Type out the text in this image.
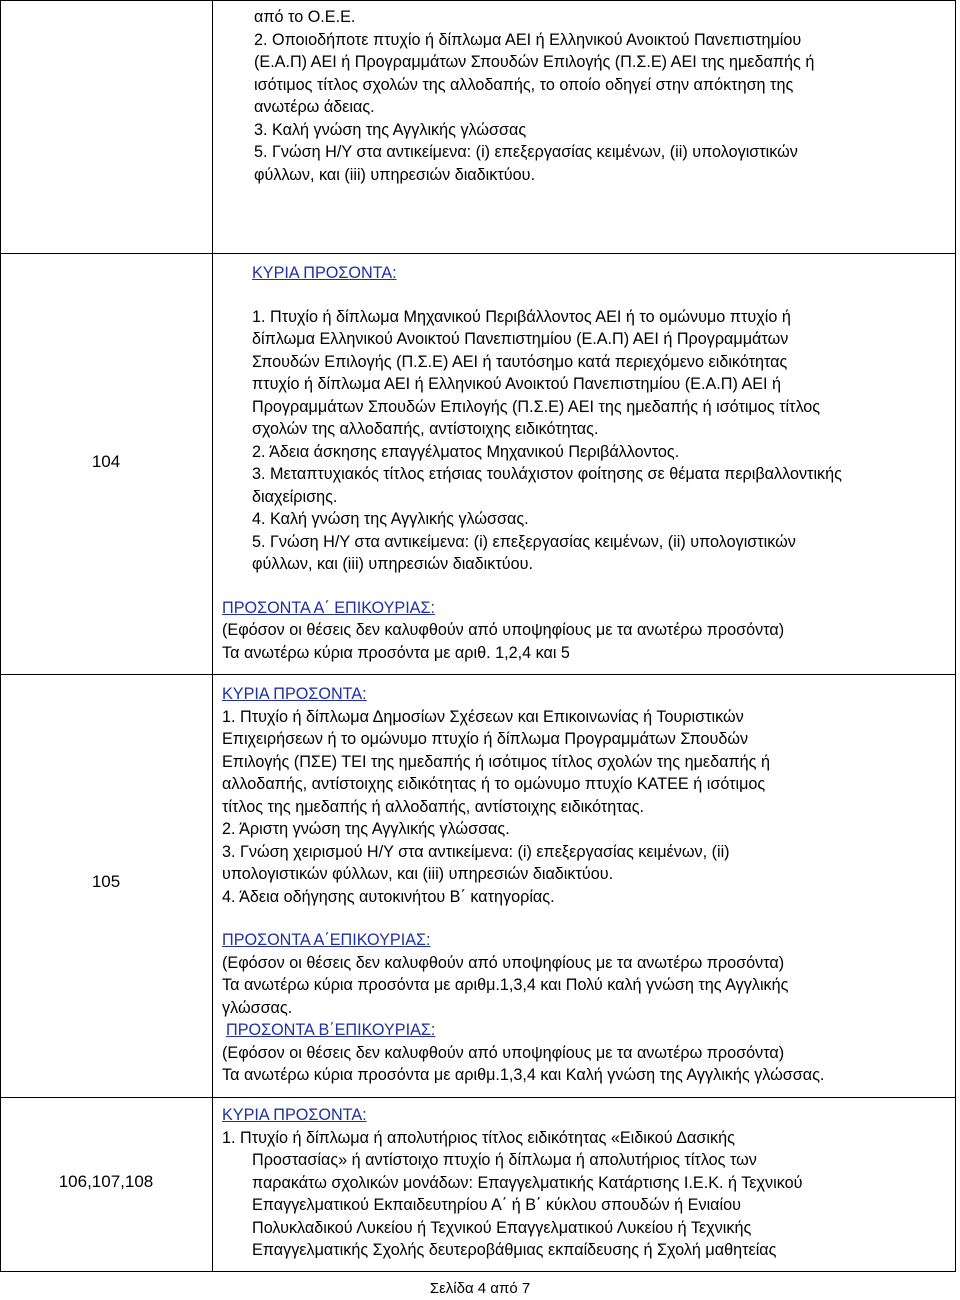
από το Ο.Ε.Ε.
2. Οποιοδήποτε πτυχίο ή δίπλωμα ΑΕΙ ή Ελληνικού Ανοικτού Πανεπιστημίου
(Ε.Α.Π) ΑΕΙ ή Προγραμμάτων Σπουδών Επιλογής (Π.Σ.Ε) ΑΕΙ της ημεδαπής ή
ισότιμος τίτλος σχολών της αλλοδαπής, το οποίο οδηγεί στην απόκτηση της
ανωτέρω άδειας.
3. Καλή γνώση της Αγγλικής γλώσσας
5. Γνώση Η/Υ στα αντικείμενα: (i) επεξεργασίας κειμένων, (ii) υπολογιστικών
φύλλων, και (iii) υπηρεσιών διαδικτύου.
104
ΚΥΡΙΑ ΠΡΟΣΟΝΤΑ:
1. Πτυχίο ή δίπλωμα Μηχανικού Περιβάλλοντος ΑΕΙ ή το ομώνυμο πτυχίο ή
δίπλωμα Ελληνικού Ανοικτού Πανεπιστημίου (Ε.Α.Π) ΑΕΙ ή Προγραμμάτων
Σπουδών Επιλογής (Π.Σ.Ε) ΑΕΙ ή ταυτόσημο κατά περιεχόμενο ειδικότητας
πτυχίο ή δίπλωμα ΑΕΙ ή Ελληνικού Ανοικτού Πανεπιστημίου (Ε.Α.Π) ΑΕΙ ή
Προγραμμάτων Σπουδών Επιλογής (Π.Σ.Ε) ΑΕΙ της ημεδαπής ή ισότιμος τίτλος
σχολών της αλλοδαπής, αντίστοιχης ειδικότητας.
2. Άδεια άσκησης επαγγέλματος Μηχανικού Περιβάλλοντος.
3. Μεταπτυχιακός τίτλος ετήσιας τουλάχιστον φοίτησης σε θέματα περιβαλλοντικής
διαχείρισης.
4. Καλή γνώση της Αγγλικής γλώσσας.
5. Γνώση Η/Υ στα αντικείμενα: (i) επεξεργασίας κειμένων, (ii) υπολογιστικών
φύλλων, και (iii) υπηρεσιών διαδικτύου.
ΠΡΟΣΟΝΤΑ Α΄ ΕΠΙΚΟΥΡΙΑΣ:
(Εφόσον οι θέσεις δεν καλυφθούν από υποψηφίους με τα ανωτέρω προσόντα)
Τα ανωτέρω κύρια προσόντα με αριθ. 1,2,4 και 5
105
ΚΥΡΙΑ ΠΡΟΣΟΝΤΑ:
1. Πτυχίο ή δίπλωμα Δημοσίων Σχέσεων και Επικοινωνίας ή Τουριστικών
Επιχειρήσεων ή το ομώνυμο πτυχίο ή δίπλωμα Προγραμμάτων Σπουδών
Επιλογής (ΠΣΕ) ΤΕΙ της ημεδαπής ή ισότιμος τίτλος σχολών της ημεδαπής ή
αλλοδαπής, αντίστοιχης ειδικότητας ή το ομώνυμο πτυχίο ΚΑΤΕΕ ή ισότιμος
τίτλος της ημεδαπής ή αλλοδαπής, αντίστοιχης ειδικότητας.
2. Άριστη γνώση της Αγγλικής γλώσσας.
3. Γνώση χειρισμού Η/Υ στα αντικείμενα: (i) επεξεργασίας κειμένων, (ii)
υπολογιστικών φύλλων, και (iii) υπηρεσιών διαδικτύου.
4. Άδεια οδήγησης αυτοκινήτου Β΄ κατηγορίας.
ΠΡΟΣΟΝΤΑ Α΄ΕΠΙΚΟΥΡΙΑΣ:
(Εφόσον οι θέσεις δεν καλυφθούν από υποψηφίους με τα ανωτέρω προσόντα)
Τα ανωτέρω κύρια προσόντα με αριθμ.1,3,4 και Πολύ καλή γνώση της Αγγλικής
γλώσσας.
ΠΡΟΣΟΝΤΑ Β΄ΕΠΙΚΟΥΡΙΑΣ:
(Εφόσον οι θέσεις δεν καλυφθούν από υποψηφίους με τα ανωτέρω προσόντα)
Τα ανωτέρω κύρια προσόντα με αριθμ.1,3,4 και Καλή γνώση της Αγγλικής γλώσσας.
106,107,108
ΚΥΡΙΑ ΠΡΟΣΟΝΤΑ:
1. Πτυχίο ή δίπλωμα ή απολυτήριος τίτλος ειδικότητας «Ειδικού Δασικής
Προστασίας» ή αντίστοιχο πτυχίο ή δίπλωμα ή απολυτήριος τίτλος των
παρακάτω σχολικών μονάδων: Επαγγελματικής Κατάρτισης Ι.Ε.Κ. ή Τεχνικού
Επαγγελματικού Εκπαιδευτηρίου Α΄ ή Β΄ κύκλου σπουδών ή Ενιαίου
Πολυκλαδικού Λυκείου ή Τεχνικού Επαγγελματικού Λυκείου ή Τεχνικής
Επαγγελματικής Σχολής δευτεροβάθμιας εκπαίδευσης ή Σχολή μαθητείας
Σελίδα 4 από 7
